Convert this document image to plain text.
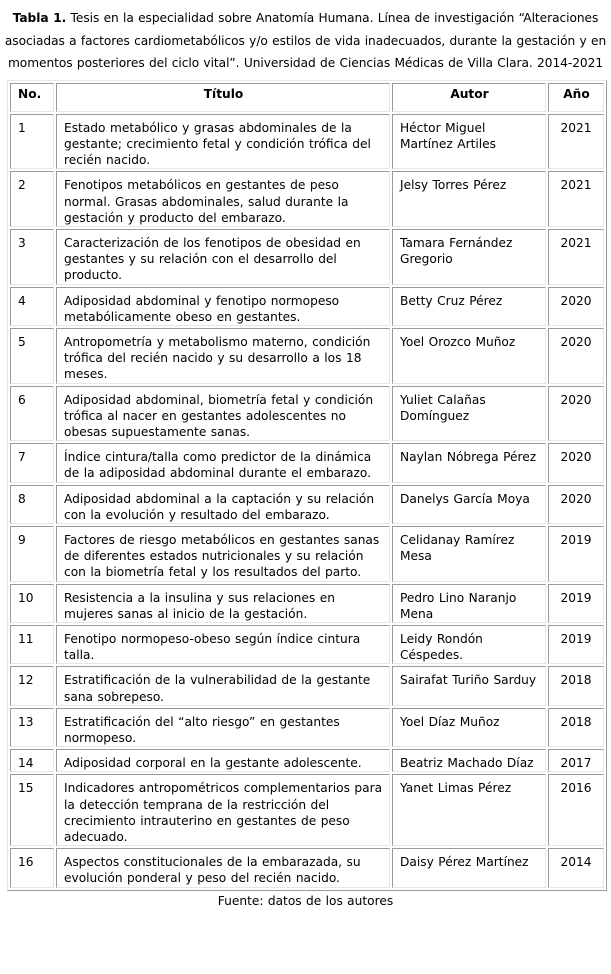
Tabla 1. Tesis en la especialidad sobre Anatomía Humana. Línea de investigación “Alteraciones asociadas a factores cardiometabólicos y/o estilos de vida inadecuados, durante la gestación y en momentos posteriores del ciclo vital”. Universidad de Ciencias Médicas de Villa Clara. 2014-2021

No.	Título	Autor	Año
1	Estado metabólico y grasas abdominales de la gestante; crecimiento fetal y condición trófica del recién nacido.	Héctor Miguel Martínez Artiles	2021
2	Fenotipos metabólicos en gestantes de peso normal. Grasas abdominales, salud durante la gestación y producto del embarazo.	Jelsy Torres Pérez	2021
3	Caracterización de los fenotipos de obesidad en gestantes y su relación con el desarrollo del producto.	Tamara Fernández Gregorio	2021
4	Adiposidad abdominal y fenotipo normopeso metabólicamente obeso en gestantes.	Betty Cruz Pérez	2020
5	Antropometría y metabolismo materno, condición trófica del recién nacido y su desarrollo a los 18 meses.	Yoel Orozco Muñoz	2020
6	Adiposidad abdominal, biometría fetal y condición trófica al nacer en gestantes adolescentes no obesas supuestamente sanas.	Yuliet Calañas Domínguez	2020
7	Índice cintura/talla como predictor de la dinámica de la adiposidad abdominal durante el embarazo.	Naylan Nóbrega Pérez	2020
8	Adiposidad abdominal a la captación y su relación con la evolución y resultado del embarazo.	Danelys García Moya	2020
9	Factores de riesgo metabólicos en gestantes sanas de diferentes estados nutricionales y su relación con la biometría fetal y los resultados del parto.	Celidanay Ramírez Mesa	2019
10	Resistencia a la insulina y sus relaciones en mujeres sanas al inicio de la gestación.	Pedro Lino Naranjo Mena	2019
11	Fenotipo normopeso-obeso según índice cintura talla.	Leidy Rondón Céspedes.	2019
12	Estratificación de la vulnerabilidad de la gestante sana sobrepeso.	Sairafat Turiño Sarduy	2018
13	Estratificación del “alto riesgo” en gestantes normopeso.	Yoel Díaz Muñoz	2018
14	Adiposidad corporal en la gestante adolescente.	Beatriz Machado Díaz	2017
15	Indicadores antropométricos complementarios para la detección temprana de la restricción del crecimiento intrauterino en gestantes de peso adecuado.	Yanet Limas Pérez	2016
16	Aspectos constitucionales de la embarazada, su evolución ponderal y peso del recién nacido.	Daisy Pérez Martínez	2014
Fuente: datos de los autores
